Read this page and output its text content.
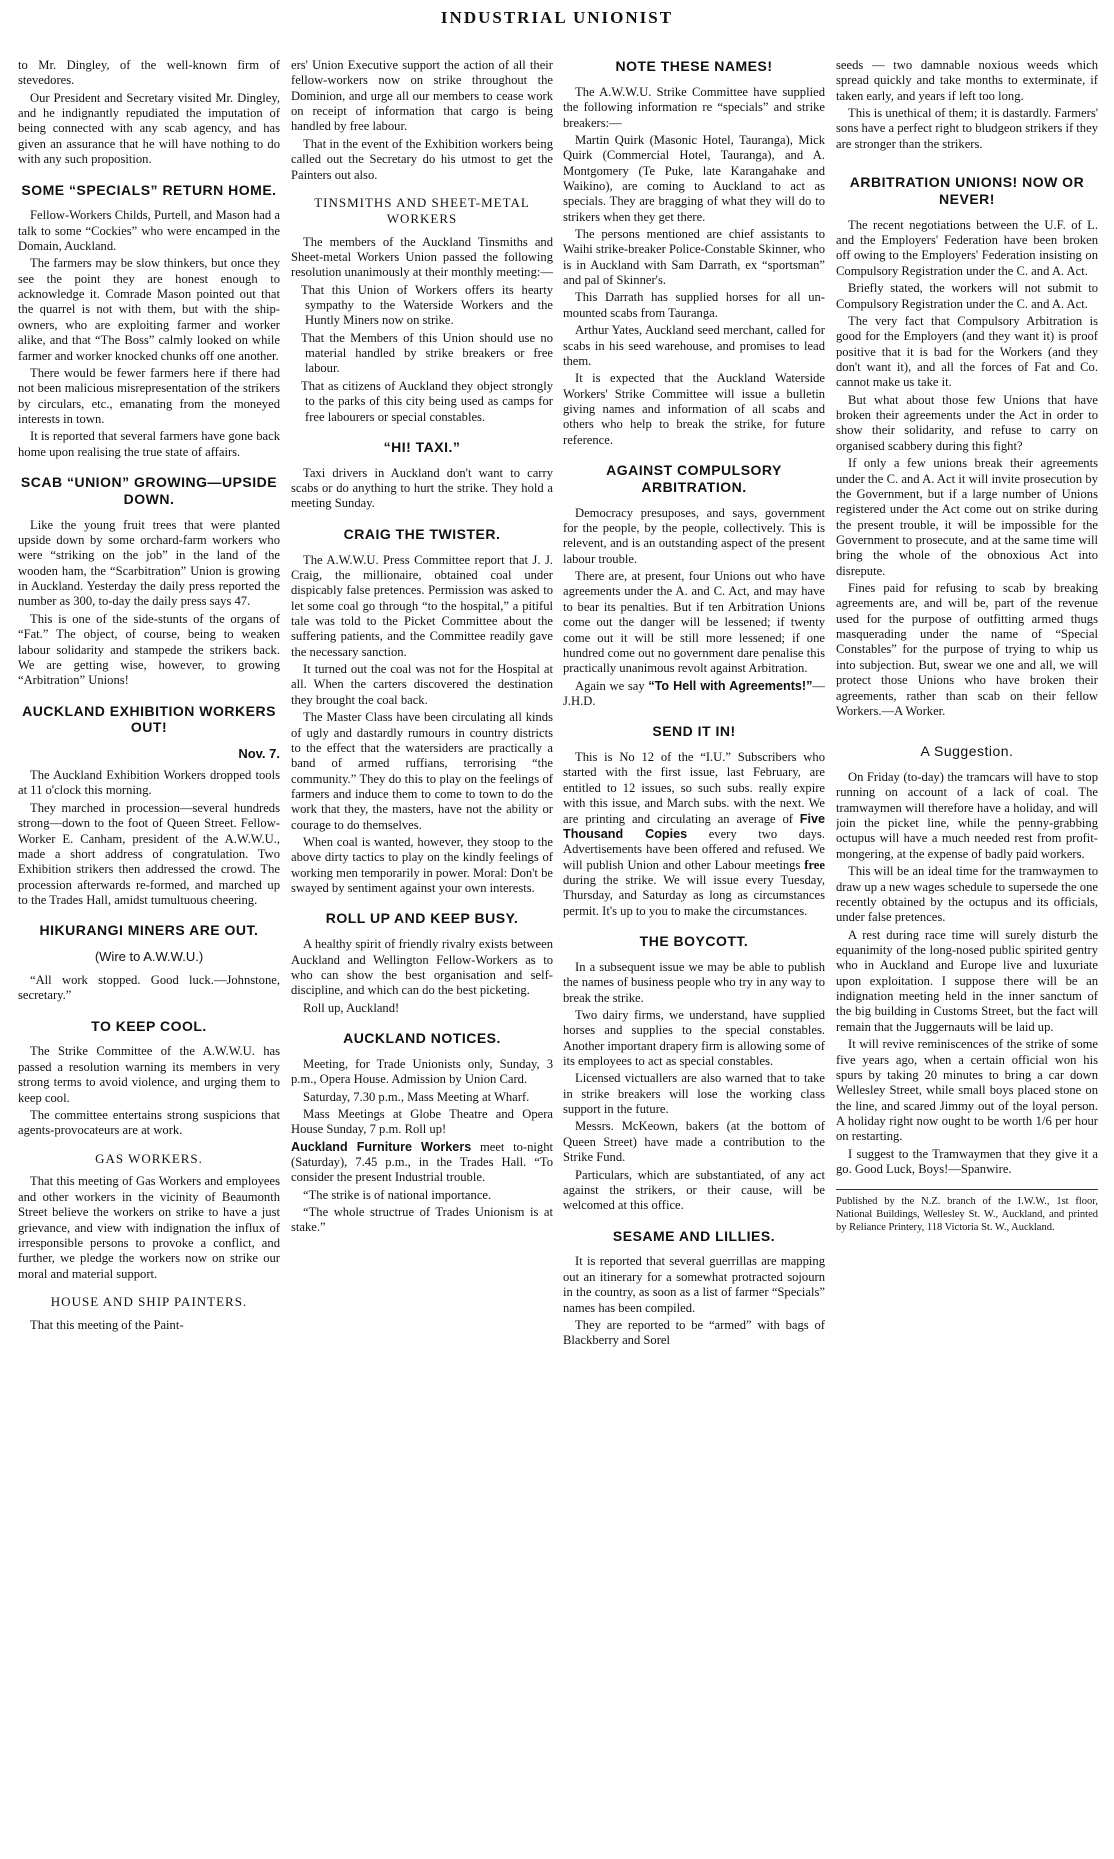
INDUSTRIAL UNIONIST

to Mr. Dingley, of the well-known firm of stevedores.

Our President and Secretary visited Mr. Dingley, and he indignantly repudiated the imputation of being connected with any scab agency, and has given an assurance that he will have nothing to do with any such proposition.

SOME “SPECIALS” RETURN HOME.

Fellow-Workers Childs, Purtell, and Mason had a talk to some “Cockies” who were encamped in the Domain, Auckland.

The farmers may be slow thinkers, but once they see the point they are honest enough to acknowledge it. Comrade Mason pointed out that the quarrel is not with them, but with the ship-owners, who are exploiting farmer and worker alike, and that “The Boss” calmly looked on while farmer and worker knocked chunks off one another.

There would be fewer farmers here if there had not been malicious misrepresentation of the strikers by circulars, etc., emanating from the moneyed interests in town.

It is reported that several farmers have gone back home upon realising the true state of affairs.

SCAB “UNION” GROWING—UPSIDE DOWN.

Like the young fruit trees that were planted upside down by some orchard-farm workers who were “striking on the job” in the land of the wooden ham, the “Scarbitration” Union is growing in Auckland. Yesterday the daily press reported the number as 300, to-day the daily press says 47.

This is one of the side-stunts of the organs of “Fat.” The object, of course, being to weaken labour solidarity and stampede the strikers back. We are getting wise, however, to growing “Arbitration” Unions!

AUCKLAND EXHIBITION WORKERS OUT!
Nov. 7.

The Auckland Exhibition Workers dropped tools at 11 o'clock this morning.

They marched in procession—several hundreds strong—down to the foot of Queen Street. Fellow-Worker E. Canham, president of the A.W.W.U., made a short address of congratulation. Two Exhibition strikers then addressed the crowd. The procession afterwards re-formed, and marched up to the Trades Hall, amidst tumultuous cheering.

HIKURANGI MINERS ARE OUT.
(Wire to A.W.W.U.)

“All work stopped. Good luck.—Johnstone, secretary.”

TO KEEP COOL.

The Strike Committee of the A.W.W.U. has passed a resolution warning its members in very strong terms to avoid violence, and urging them to keep cool.

The committee entertains strong suspicions that agents-provocateurs are at work.

GAS WORKERS.

That this meeting of Gas Workers and employees and other workers in the vicinity of Beaumonth Street believe the workers on strike to have a just grievance, and view with indignation the influx of irresponsible persons to provoke a conflict, and further, we pledge the workers now on strike our moral and material support.

HOUSE AND SHIP PAINTERS.

That this meeting of the Paint-

ers' Union Executive support the action of all their fellow-workers now on strike throughout the Dominion, and urge all our members to cease work on receipt of information that cargo is being handled by free labour.

That in the event of the Exhibition workers being called out the Secretary do his utmost to get the Painters out also.

TINSMITHS AND SHEET-METAL WORKERS

The members of the Auckland Tinsmiths and Sheet-metal Workers Union passed the following resolution unanimously at their monthly meeting:—

That this Union of Workers offers its hearty sympathy to the Waterside Workers and the Huntly Miners now on strike.

That the Members of this Union should use no material handled by strike breakers or free labour.

That as citizens of Auckland they object strongly to the parks of this city being used as camps for free labourers or special constables.

“HI! TAXI.”

Taxi drivers in Auckland don't want to carry scabs or do anything to hurt the strike. They hold a meeting Sunday.

CRAIG THE TWISTER.

The A.W.W.U. Press Committee report that J. J. Craig, the millionaire, obtained coal under dispicably false pretences. Permission was asked to let some coal go through “to the hospital,” a pitiful tale was told to the Picket Committee about the suffering patients, and the Committee readily gave the necessary sanction.

It turned out the coal was not for the Hospital at all. When the carters discovered the destination they brought the coal back.

The Master Class have been circulating all kinds of ugly and dastardly rumours in country districts to the effect that the watersiders are practically a band of armed ruffians, terrorising “the community.” They do this to play on the feelings of farmers and induce them to come to town to do the work that they, the masters, have not the ability or courage to do themselves.

When coal is wanted, however, they stoop to the above dirty tactics to play on the kindly feelings of working men temporarily in power. Moral: Don't be swayed by sentiment against your own interests.

ROLL UP AND KEEP BUSY.

A healthy spirit of friendly rivalry exists between Auckland and Wellington Fellow-Workers as to who can show the best organisation and self-discipline, and which can do the best picketing.

Roll up, Auckland!

AUCKLAND NOTICES.

Meeting, for Trade Unionists only, Sunday, 3 p.m., Opera House. Admission by Union Card.

Saturday, 7.30 p.m., Mass Meeting at Wharf.

Mass Meetings at Globe Theatre and Opera House Sunday, 7 p.m. Roll up!

Auckland Furniture Workers meet to-night (Saturday), 7.45 p.m., in the Trades Hall. “To consider the present Industrial trouble.

“The strike is of national importance.

“The whole structrue of Trades Unionism is at stake.”

NOTE THESE NAMES!

The A.W.W.U. Strike Committee have supplied the following information re “specials” and strike breakers:—

Martin Quirk (Masonic Hotel, Tauranga), Mick Quirk (Commercial Hotel, Tauranga), and A. Montgomery (Te Puke, late Karangahake and Waikino), are coming to Auckland to act as specials. They are bragging of what they will do to strikers when they get there.

The persons mentioned are chief assistants to Waihi strike-breaker Police-Constable Skinner, who is in Auckland with Sam Darrath, ex “sportsman” and pal of Skinner's.

This Darrath has supplied horses for all un-mounted scabs from Tauranga.

Arthur Yates, Auckland seed merchant, called for scabs in his seed warehouse, and promises to lead them.

It is expected that the Auckland Waterside Workers' Strike Committee will issue a bulletin giving names and information of all scabs and others who help to break the strike, for future reference.

AGAINST COMPULSORY ARBITRATION.

Democracy presuposes, and says, government for the people, by the people, collectively. This is relevent, and is an outstanding aspect of the present labour trouble.

There are, at present, four Unions out who have agreements under the A. and C. Act, and may have to bear its penalties. But if ten Arbitration Unions come out the danger will be lessened; if twenty come out it will be still more lessened; if one hundred come out no government dare penalise this practically unanimous revolt against Arbitration.

Again we say “To Hell with Agreements!”—J.H.D.

SEND IT IN!

This is No 12 of the “I.U.” Subscribers who started with the first issue, last February, are entitled to 12 issues, so such subs. really expire with this issue, and March subs. with the next. We are printing and circulating an average of Five Thousand Copies every two days. Advertisements have been offered and refused. We will publish Union and other Labour meetings free during the strike. We will issue every Tuesday, Thursday, and Saturday as long as circumstances permit. It's up to you to make the circumstances.

THE BOYCOTT.

In a subsequent issue we may be able to publish the names of business people who try in any way to break the strike.

Two dairy firms, we understand, have supplied horses and supplies to the special constables. Another important drapery firm is allowing some of its employees to act as special constables.

Licensed victuallers are also warned that to take in strike breakers will lose the working class support in the future.

Messrs. McKeown, bakers (at the bottom of Queen Street) have made a contribution to the Strike Fund.

Particulars, which are substantiated, of any act against the strikers, or their cause, will be welcomed at this office.

SESAME AND LILLIES.

It is reported that several guerrillas are mapping out an itinerary for a somewhat protracted sojourn in the country, as soon as a list of farmer “Specials” names has been compiled.

They are reported to be “armed” with bags of Blackberry and Sorel

seeds — two damnable noxious weeds which spread quickly and take months to exterminate, if taken early, and years if left too long.

This is unethical of them; it is dastardly. Farmers' sons have a perfect right to bludgeon strikers if they are stronger than the strikers.

ARBITRATION UNIONS! NOW OR NEVER!

The recent negotiations between the U.F. of L. and the Employers' Federation have been broken off owing to the Employers' Federation insisting on Compulsory Registration under the C. and A. Act.

Briefly stated, the workers will not submit to Compulsory Registration under the C. and A. Act.

The very fact that Compulsory Arbitration is good for the Employers (and they want it) is proof positive that it is bad for the Workers (and they don't want it), and all the forces of Fat and Co. cannot make us take it.

But what about those few Unions that have broken their agreements under the Act in order to show their solidarity, and refuse to carry on organised scabbery during this fight?

If only a few unions break their agreements under the C. and A. Act it will invite prosecution by the Government, but if a large number of Unions registered under the Act come out on strike during the present trouble, it will be impossible for the Government to prosecute, and at the same time will bring the whole of the obnoxious Act into disrepute.

Fines paid for refusing to scab by breaking agreements are, and will be, part of the revenue used for the purpose of outfitting armed thugs masquerading under the name of “Special Constables” for the purpose of trying to whip us into subjection. But, swear we one and all, we will protect those Unions who have broken their agreements, rather than scab on their fellow Workers.—A Worker.

A Suggestion.

On Friday (to-day) the tramcars will have to stop running on account of a lack of coal. The tramwaymen will therefore have a holiday, and will join the picket line, while the penny-grabbing octupus will have a much needed rest from profit-mongering, at the expense of badly paid workers.

This will be an ideal time for the tramwaymen to draw up a new wages schedule to supersede the one recently obtained by the octupus and its officials, under false pretences.

A rest during race time will surely disturb the equanimity of the long-nosed public spirited gentry who in Auckland and Europe live and luxuriate upon exploitation. I suppose there will be an indignation meeting held in the inner sanctum of the big building in Customs Street, but the fact will remain that the Juggernauts will be laid up.

It will revive reminiscences of the strike of some five years ago, when a certain official won his spurs by taking 20 minutes to bring a car down Wellesley Street, while small boys placed stone on the line, and scared Jimmy out of the loyal person. A holiday right now ought to be worth 1/6 per hour on restarting.

I suggest to the Tramwaymen that they give it a go. Good Luck, Boys!—Spanwire.

Published by the N.Z. branch of the I.W.W., 1st floor, National Buildings, Wellesley St. W., Auckland, and printed by Reliance Printery, 118 Victoria St. W., Auckland.
